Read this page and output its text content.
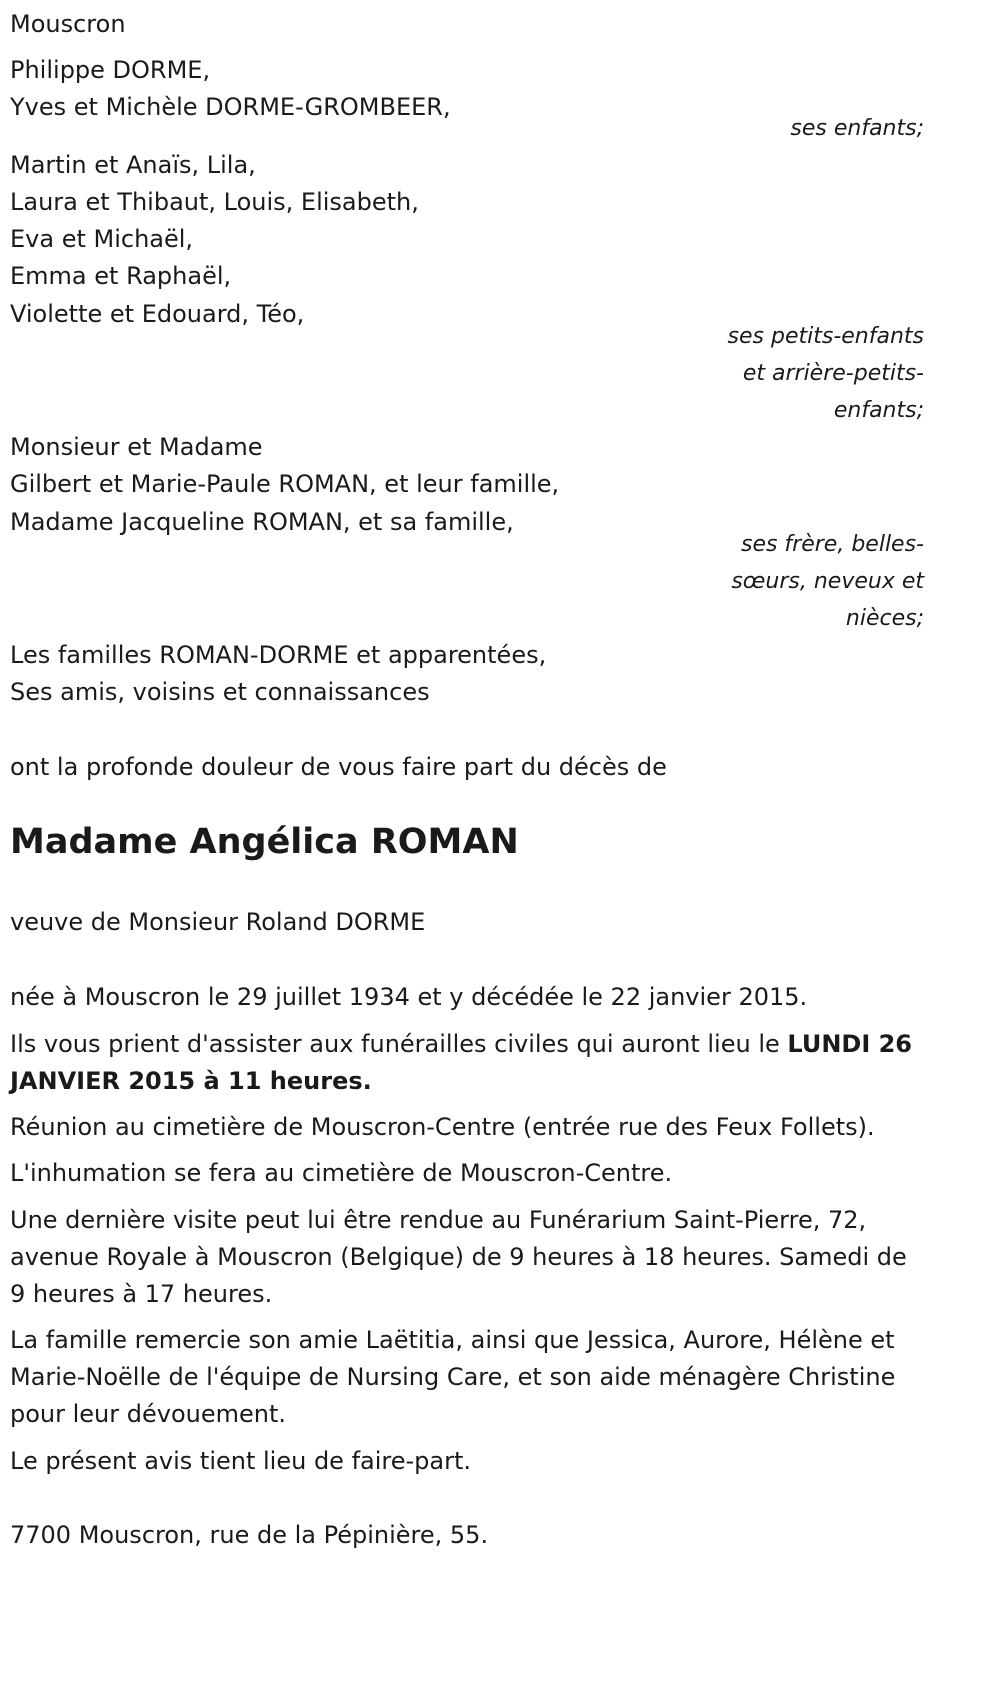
Mouscron
Philippe DORME,
Yves et Michèle DORME-GROMBEER,
ses enfants;
Martin et Anaïs, Lila,
Laura et Thibaut, Louis, Elisabeth,
Eva et Michaël,
Emma et Raphaël,
Violette et Edouard, Téo,
ses petits-enfants
et arrière-petits-
enfants;
Monsieur et Madame
Gilbert et Marie-Paule ROMAN, et leur famille,
Madame Jacqueline ROMAN, et sa famille,
ses frère, belles-
sœurs, neveux et
nièces;
Les familles ROMAN-DORME et apparentées,
Ses amis, voisins et connaissances
ont la profonde douleur de vous faire part du décès de
Madame Angélica ROMAN
veuve de Monsieur Roland DORME
née à Mouscron le 29 juillet 1934 et y décédée le 22 janvier 2015.
Ils vous prient d'assister aux funérailles civiles qui auront lieu le LUNDI 26 JANVIER 2015 à 11 heures.
Réunion au cimetière de Mouscron-Centre (entrée rue des Feux Follets).
L'inhumation se fera au cimetière de Mouscron-Centre.
Une dernière visite peut lui être rendue au Funérarium Saint-Pierre, 72, avenue Royale à Mouscron (Belgique) de 9 heures à 18 heures. Samedi de 9 heures à 17 heures.
La famille remercie son amie Laëtitia, ainsi que Jessica, Aurore, Hélène et Marie-Noëlle de l'équipe de Nursing Care, et son aide ménagère Christine pour leur dévouement.
Le présent avis tient lieu de faire-part.
7700 Mouscron, rue de la Pépinière, 55.
